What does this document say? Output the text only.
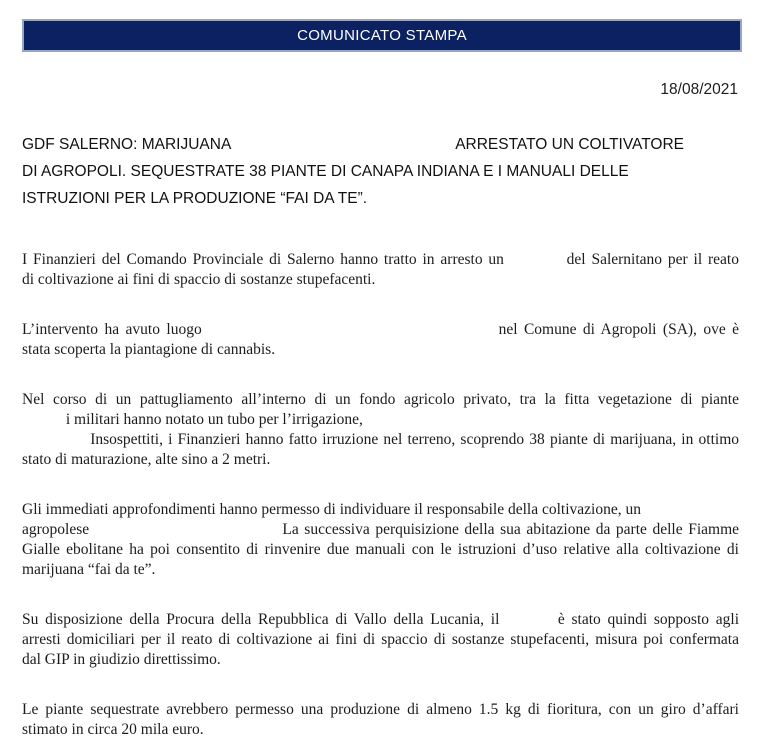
COMUNICATO STAMPA
18/08/2021
GDF SALERNO: MARIJUANA	ARRESTATO UN COLTIVATORE
DI AGROPOLI. SEQUESTRATE 38 PIANTE DI CANAPA INDIANA E I MANUALI DELLE
ISTRUZIONI PER LA PRODUZIONE “FAI DA TE”.
I Finanzieri del Comando Provinciale di Salerno hanno tratto in arresto un	del Salernitano per il reato
di coltivazione ai fini di spaccio di sostanze stupefacenti.
L’intervento ha avuto luogo	nel Comune di Agropoli (SA), ove è
stata scoperta la piantagione di cannabis.
Nel corso di un pattugliamento all’interno di un fondo agricolo privato, tra la fitta vegetazione di piante
i militari hanno notato un tubo per l’irrigazione,
Insospettiti, i Finanzieri hanno fatto irruzione nel terreno, scoprendo 38 piante di marijuana, in ottimo
stato di maturazione, alte sino a 2 metri.
Gli immediati approfondimenti hanno permesso di individuare il responsabile della coltivazione, un
agropolese	La successiva perquisizione della sua abitazione da parte delle Fiamme
Gialle ebolitane ha poi consentito di rinvenire due manuali con le istruzioni d’uso relative alla coltivazione di
marijuana “fai da te”.
Su disposizione della Procura della Repubblica di Vallo della Lucania, il	è stato quindi sopposto agli
arresti domiciliari per il reato di coltivazione ai fini di spaccio di sostanze stupefacenti, misura poi confermata
dal GIP in giudizio direttissimo.
Le piante sequestrate avrebbero permesso una produzione di almeno 1.5 kg di fioritura, con un giro d’affari
stimato in circa 20 mila euro.
